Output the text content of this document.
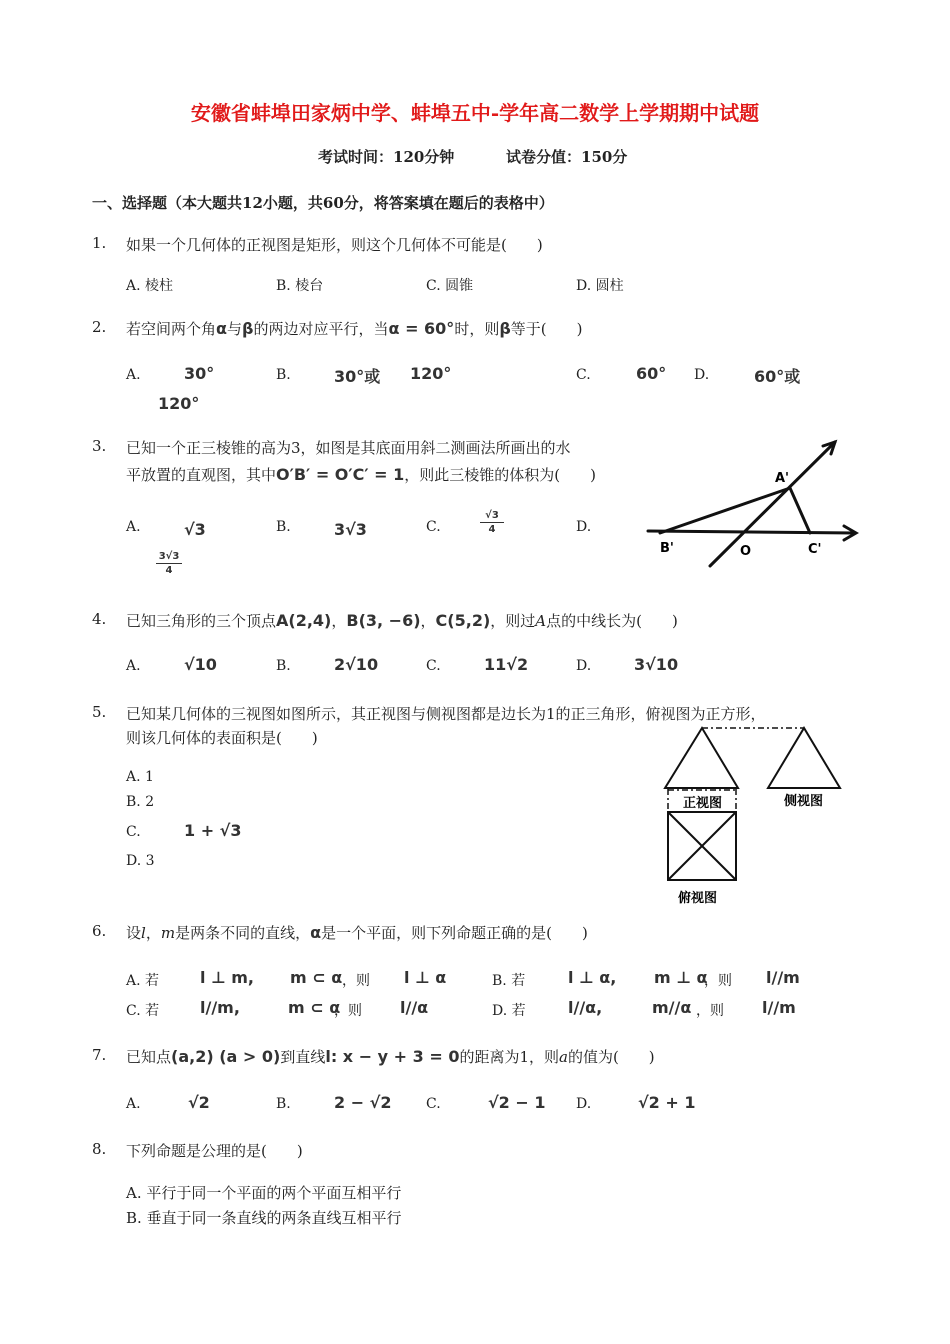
安徽省蚌埠田家炳中学、蚌埠五中-学年高二数学上学期期中试题
考试时间：120分钟	试卷分值：150分
一、选择题（本大题共12小题，共60分，将答案填在题后的表格中）
1. 如果一个几何体的正视图是矩形，则这个几何体不可能是(　　)
A. 棱柱	B. 棱台	C. 圆锥	D. 圆柱
2. 若空间两个角α与β的两边对应平行，当α = 60°时，则β等于(　　)
A.	30°	B.	30°或 120°	C.	60° D.	60°或
120°
3. 已知一个正三棱锥的高为3，如图是其底面用斜二测画法所画出的水
平放置的直观图，其中O′B′ = O′C′ = 1，则此三棱锥的体积为(　　)
A.	√3	B.	3√3	C.
√3
4	D.
3√3
4
A'
B'	O	C'
4. 已知三角形的三个顶点A(2,4)，B(3, −6)，C(5,2)，则过A点的中线长为(　　)
A.	√10	B.	2√10	C.	11√2	D.	3√10
5. 已知某几何体的三视图如图所示，其正视图与侧视图都是边长为1的正三角形，俯视图为正方形，
则该几何体的表面积是(　　)
A. 1
B. 2
C.	1 + √3
D. 3
正视图	侧视图
俯视图
6. 设l，m是两条不同的直线，α是一个平面，则下列命题正确的是(　　)
A. 若	l ⊥ m, m ⊂ α ，则 l ⊥ α	B. 若	l ⊥ α, m ⊥ α
，则 l//m
C. 若	l//m,	m ⊂ α
，则 l//α	D. 若	l//α,	m//α ，则 l//m
7. 已知点(a,2) (a > 0)到直线l: x − y + 3 = 0的距离为1，则a的值为(　　)
A.	√2	B.	2 − √2 C.	√2 − 1 D.	√2 + 1
8. 下列命题是公理的是(　　)
A. 平行于同一个平面的两个平面互相平行
B. 垂直于同一条直线的两条直线互相平行
